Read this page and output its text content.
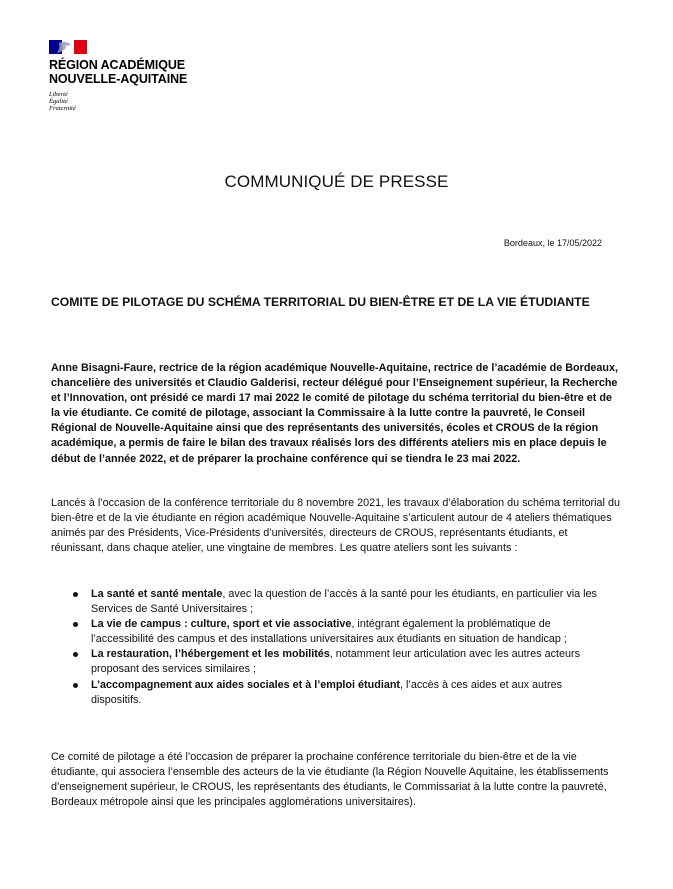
RÉGION ACADÉMIQUE
NOUVELLE-AQUITAINE
Liberté
Égalité
Fraternité
COMMUNIQUÉ DE PRESSE
Bordeaux, le 17/05/2022
COMITE DE PILOTAGE DU SCHÉMA TERRITORIAL DU BIEN-ÊTRE ET DE LA VIE ÉTUDIANTE
Anne Bisagni-Faure, rectrice de la région académique Nouvelle-Aquitaine, rectrice de l’académie de Bordeaux, chancelière des universités et Claudio Galderisi, recteur délégué pour l’Enseignement supérieur, la Recherche et l’Innovation, ont présidé ce mardi 17 mai 2022 le comité de pilotage du schéma territorial du bien-être et de la vie étudiante. Ce comité de pilotage, associant la Commissaire à la lutte contre la pauvreté, le Conseil Régional de Nouvelle-Aquitaine ainsi que des représentants des universités, écoles et CROUS de la région académique, a permis de faire le bilan des travaux réalisés lors des différents ateliers mis en place depuis le début de l’année 2022, et de préparer la prochaine conférence qui se tiendra le 23 mai 2022.
Lancés à l’occasion de la conférence territoriale du 8 novembre 2021, les travaux d’élaboration du schéma territorial du bien-être et de la vie étudiante en région académique Nouvelle-Aquitaine s’articulent autour de 4 ateliers thématiques animés par des Présidents, Vice-Présidents d’universités, directeurs de CROUS, représentants étudiants, et réunissant, dans chaque atelier, une vingtaine de membres. Les quatre ateliers sont les suivants :
La santé et santé mentale, avec la question de l’accès à la santé pour les étudiants, en particulier via les Services de Santé Universitaires ;
La vie de campus : culture, sport et vie associative, intégrant également la problématique de l’accessibilité des campus et des installations universitaires aux étudiants en situation de handicap ;
La restauration, l’hébergement et les mobilités, notamment leur articulation avec les autres acteurs proposant des services similaires ;
L’accompagnement aux aides sociales et à l’emploi étudiant, l’accès à ces aides et aux autres dispositifs.
Ce comité de pilotage a été l’occasion de préparer la prochaine conférence territoriale du bien-être et de la vie étudiante, qui associera l’ensemble des acteurs de la vie étudiante (la Région Nouvelle Aquitaine, les établissements d’enseignement supérieur, le CROUS, les représentants des étudiants, le Commissariat à la lutte contre la pauvreté, Bordeaux métropole ainsi que les principales agglomérations universitaires).
